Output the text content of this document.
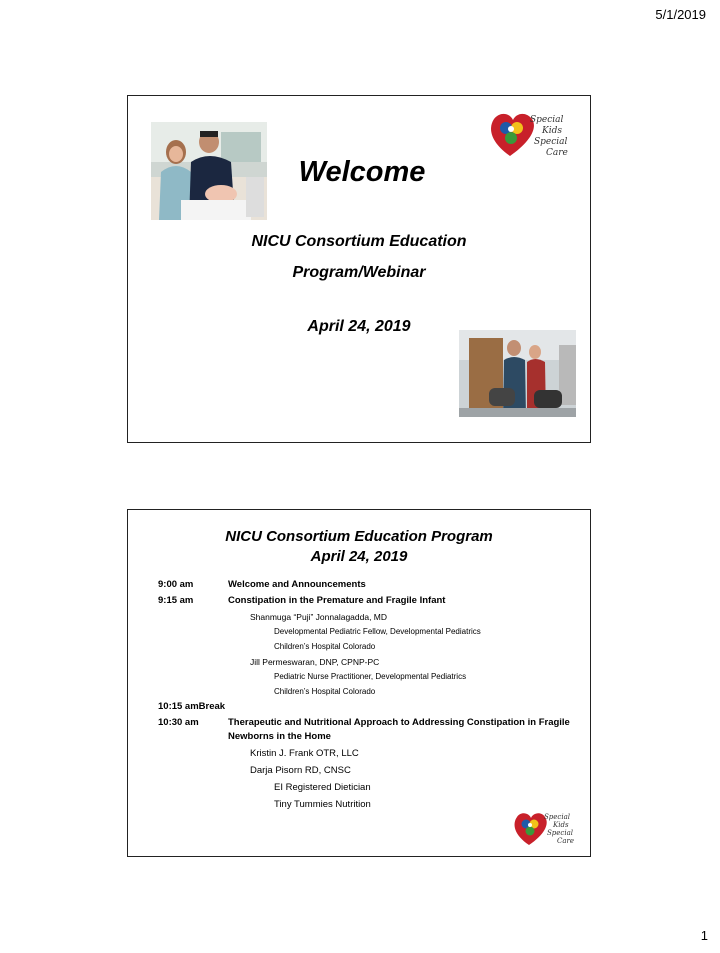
5/1/2019
Special
Kids
Special
Care
Welcome
NICU Consortium Education
Program/Webinar
April 24, 2019
NICU Consortium Education Program
April 24, 2019
9:00 am	Welcome and Announcements
9:15 am	Constipation in the Premature and Fragile Infant
Shanmuga “Puji” Jonnalagadda, MD
Developmental Pediatric Fellow, Developmental Pediatrics
Children’s Hospital Colorado
Jill Permeswaran, DNP, CPNP-PC
Pediatric Nurse Practitioner, Developmental Pediatrics
Children’s Hospital Colorado
10:15 am Break
10:30 am	Therapeutic and Nutritional Approach to Addressing Constipation in Fragile Newborns in the Home
Kristin J. Frank OTR, LLC
Darja Pisorn RD, CNSC
EI Registered Dietician
Tiny Tummies Nutrition
Special
Kids
Special
Care
1
